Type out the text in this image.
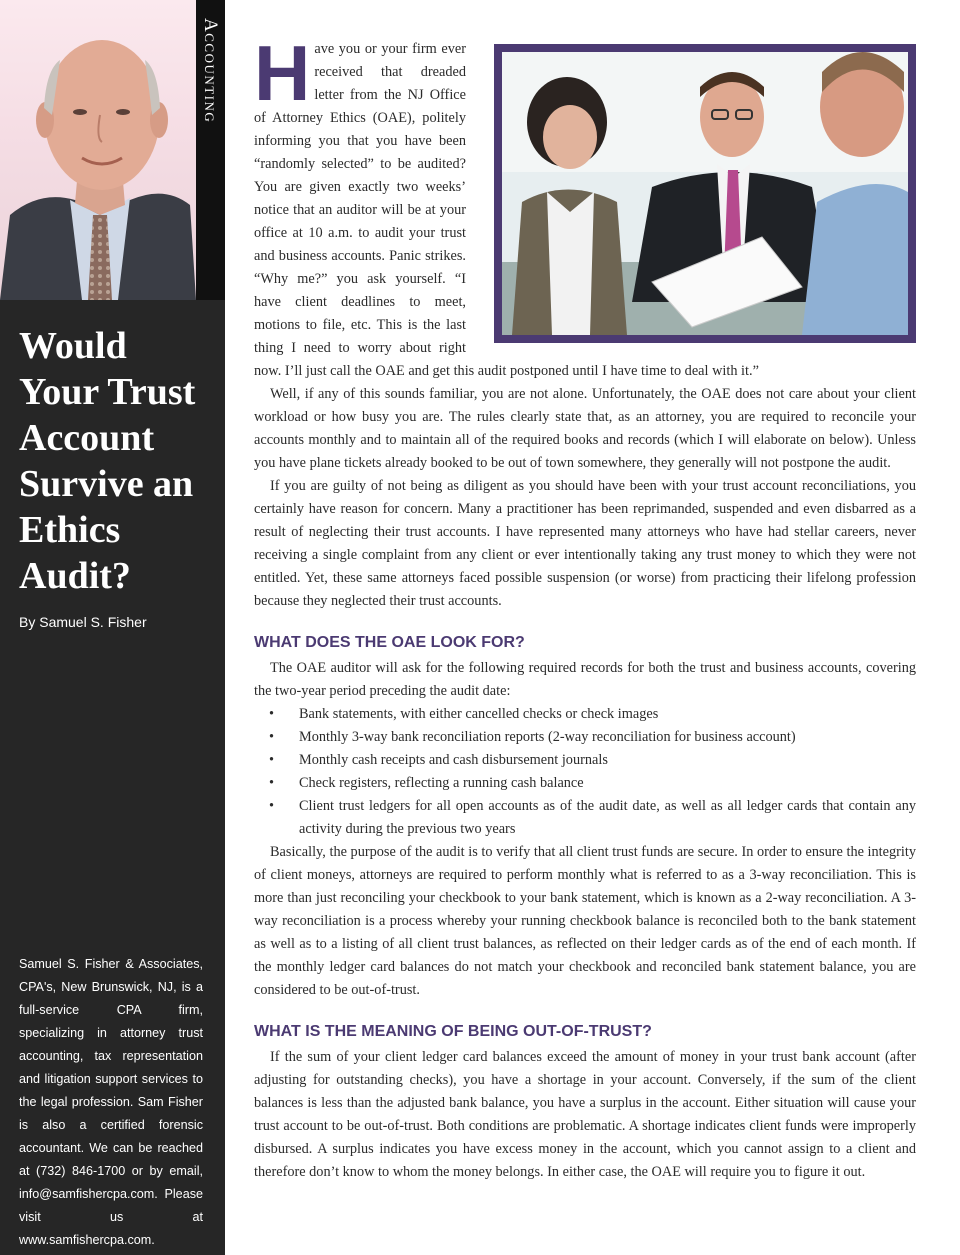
Accounting
Would
Your Trust
Account
Survive an
Ethics
Audit?
By Samuel S. Fisher
Samuel S. Fisher & Associates, CPA's, New Brunswick, NJ, is a full-service CPA firm, specializing in attorney trust accounting, tax representation and litigation support services to the legal profession. Sam Fisher is also a certified forensic accountant. We can be reached at (732) 846-1700 or by email, info@samfishercpa.com. Please visit us at www.samfishercpa.com.

Have you or your firm ever received that dreaded letter from the NJ Office of Attorney Ethics (OAE), politely informing you that you have been “randomly selected” to be audited? You are given exactly two weeks’ notice that an auditor will be at your office at 10 a.m. to audit your trust and business accounts. Panic strikes. “Why me?” you ask yourself. “I have client deadlines to meet, motions to file, etc. This is the last thing I need to worry about right now. I’ll just call the OAE and get this audit postponed until I have time to deal with it.”

Well, if any of this sounds familiar, you are not alone. Unfortunately, the OAE does not care about your client workload or how busy you are. The rules clearly state that, as an attorney, you are required to reconcile your accounts monthly and to maintain all of the required books and records (which I will elaborate on below). Unless you have plane tickets already booked to be out of town somewhere, they generally will not postpone the audit.

If you are guilty of not being as diligent as you should have been with your trust account reconciliations, you certainly have reason for concern. Many a practitioner has been reprimanded, suspended and even disbarred as a result of neglecting their trust accounts. I have represented many attorneys who have had stellar careers, never receiving a single complaint from any client or ever intentionally taking any trust money to which they were not entitled. Yet, these same attorneys faced possible suspension (or worse) from practicing their lifelong profession because they neglected their trust accounts.

WHAT DOES THE OAE LOOK FOR?

The OAE auditor will ask for the following required records for both the trust and business accounts, covering the two-year period preceding the audit date:

• Bank statements, with either cancelled checks or check images
• Monthly 3-way bank reconciliation reports (2-way reconciliation for business account)
• Monthly cash receipts and cash disbursement journals
• Check registers, reflecting a running cash balance
• Client trust ledgers for all open accounts as of the audit date, as well as all ledger cards that contain any activity during the previous two years

Basically, the purpose of the audit is to verify that all client trust funds are secure. In order to ensure the integrity of client moneys, attorneys are required to perform monthly what is referred to as a 3-way reconciliation. This is more than just reconciling your checkbook to your bank statement, which is known as a 2-way reconciliation. A 3-way reconciliation is a process whereby your running checkbook balance is reconciled both to the bank statement as well as to a listing of all client trust balances, as reflected on their ledger cards as of the end of each month. If the monthly ledger card balances do not match your checkbook and reconciled bank statement balance, you are considered to be out-of-trust.

WHAT IS THE MEANING OF BEING OUT-OF-TRUST?

If the sum of your client ledger card balances exceed the amount of money in your trust bank account (after adjusting for outstanding checks), you have a shortage in your account. Conversely, if the sum of the client balances is less than the adjusted bank balance, you have a surplus in the account. Either situation will cause your trust account to be out-of-trust. Both conditions are problematic. A shortage indicates client funds were improperly disbursed. A surplus indicates you have excess money in the account, which you cannot assign to a client and therefore don’t know to whom the money belongs. In either case, the OAE will require you to figure it out.
